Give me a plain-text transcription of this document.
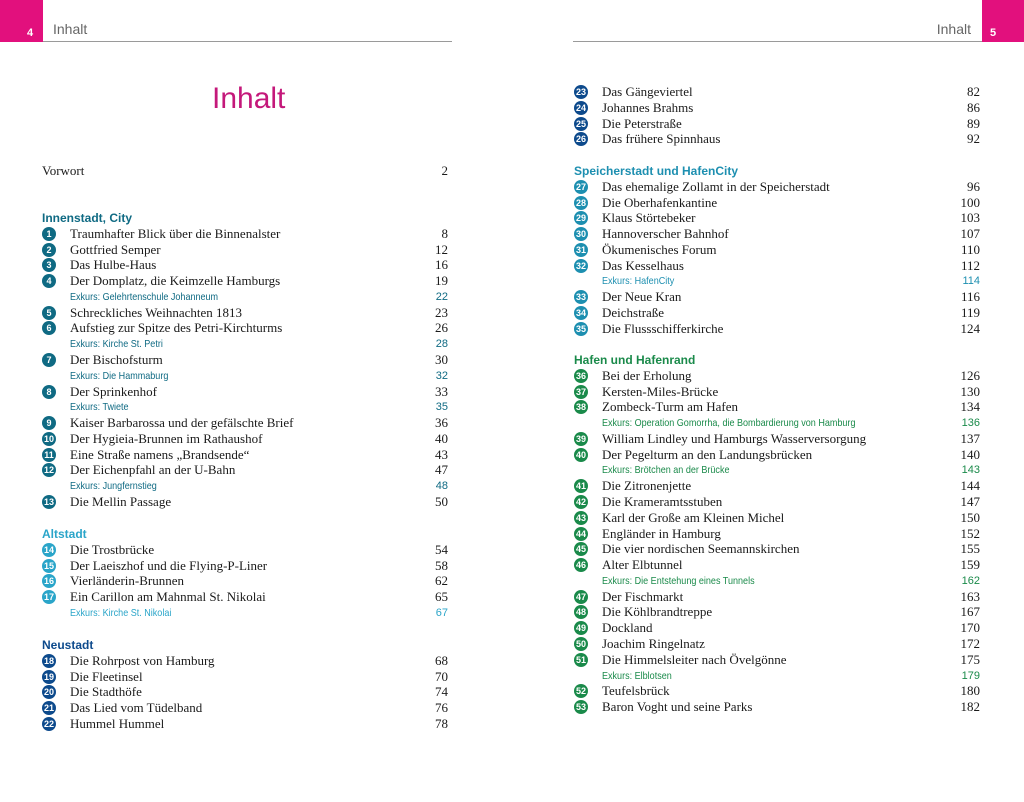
4 Inhalt
Inhalt
Vorwort	2
Innenstadt, City
1	Traumhafter Blick über die Binnenalster	8
2	Gottfried Semper	12
3	Das Hulbe-Haus	16
4	Der Domplatz, die Keimzelle Hamburgs	19
Exkurs: Gelehrtenschule Johanneum	22
5	Schreckliches Weihnachten 1813	23
6	Aufstieg zur Spitze des Petri-Kirchturms	26
Exkurs: Kirche St. Petri	28
7	Der Bischofsturm	30
Exkurs: Die Hammaburg	32
8	Der Sprinkenhof	33
Exkurs: Twiete	35
9	Kaiser Barbarossa und der gefälschte Brief	36
10 Der Hygieia-Brunnen im Rathaushof	40
11 Eine Straße namens „Brandsende“	43
12 Der Eichenpfahl an der U-Bahn	47
Exkurs: Jungfernstieg	48
13 Die Mellin Passage	50
Altstadt
14 Die Trostbrücke	54
15 Der Laeiszhof und die Flying-P-Liner	58
16 Vierländerin-Brunnen	62
17 Ein Carillon am Mahnmal St. Nikolai	65
Exkurs: Kirche St. Nikolai	67
Neustadt
18 Die Rohrpost von Hamburg	68
19 Die Fleetinsel	70
20 Die Stadthöfe	74
21 Das Lied vom Tüdelband	76
22 Hummel Hummel	78
5
Inhalt
23 Das Gängeviertel	82
24 Johannes Brahms	86
25 Die Peterstraße	89
26 Das frühere Spinnhaus	92
Speicherstadt und HafenCity
27 Das ehemalige Zollamt in der Speicherstadt	96
28 Die Oberhafenkantine	100
29 Klaus Störtebeker	103
30 Hannoverscher Bahnhof	107
31 Ökumenisches Forum	110
32 Das Kesselhaus	112
Exkurs: HafenCity	114
33 Der Neue Kran	116
34 Deichstraße	119
35 Die Flussschifferkirche	124
Hafen und Hafenrand
36 Bei der Erholung	126
37 Kersten-Miles-Brücke	130
38 Zombeck-Turm am Hafen	134
Exkurs: Operation Gomorrha, die Bombardierung von Hamburg	136
39 William Lindley und Hamburgs Wasserversorgung	137
40 Der Pegelturm an den Landungsbrücken	140
Exkurs: Brötchen an der Brücke	143
41 Die Zitronenjette	144
42 Die Krameramtsstuben	147
43 Karl der Große am Kleinen Michel	150
44 Engländer in Hamburg	152
45 Die vier nordischen Seemannskirchen	155
46 Alter Elbtunnel	159
Exkurs: Die Entstehung eines Tunnels	162
47 Der Fischmarkt	163
48 Die Köhlbrandtreppe	167
49 Dockland	170
50 Joachim Ringelnatz	172
51 Die Himmelsleiter nach Övelgönne	175
Exkurs: Elblotsen	179
52 Teufelsbrück	180
53 Baron Voght und seine Parks	182
